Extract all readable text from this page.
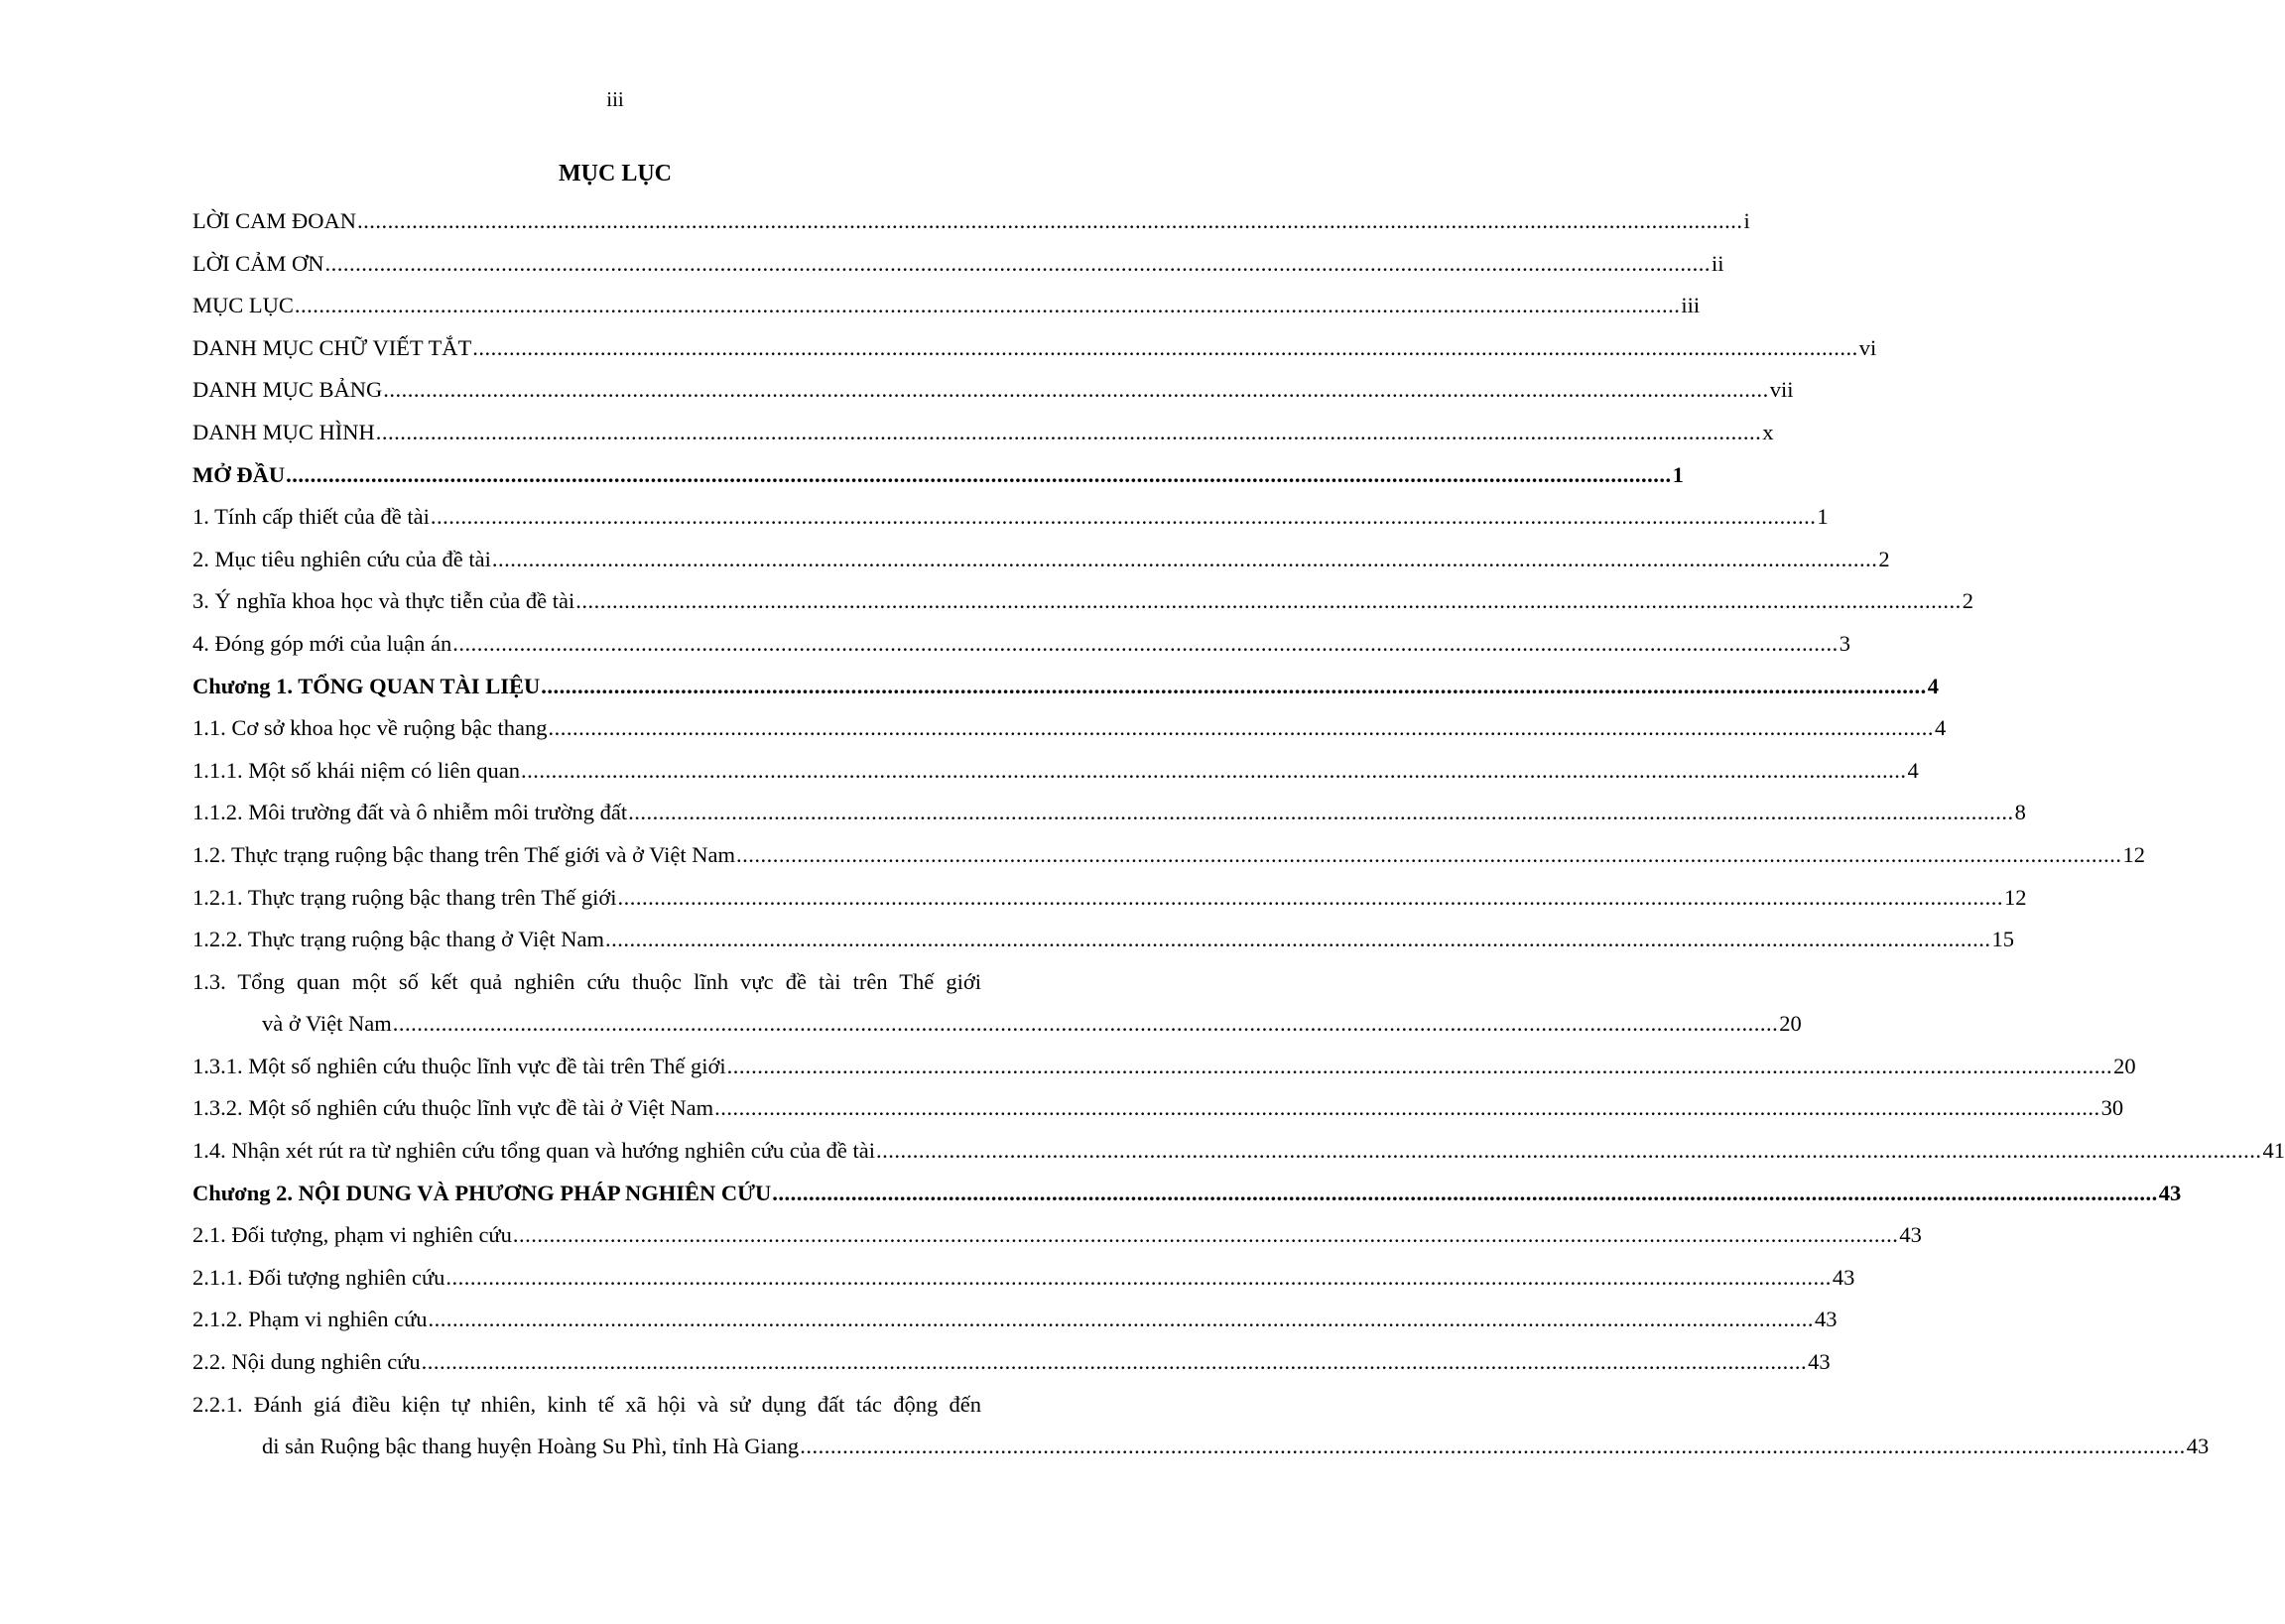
iii
MỤC LỤC
LỜI CAM ĐOAN .................................................................................................................................................................................................................................... i
LỜI CẢM ƠN .................................................................................................................................................................................................................................... ii
MỤC LỤC .................................................................................................................................................................................................................................... iii
DANH MỤC CHỮ VIẾT TẮT .................................................................................................................................................................................................................................... vi
DANH MỤC BẢNG .................................................................................................................................................................................................................................... vii
DANH MỤC HÌNH .................................................................................................................................................................................................................................... x
MỞ ĐẦU .................................................................................................................................................................................................................................... 1
1. Tính cấp thiết của đề tài .................................................................................................................................................................................................................................... 1
2. Mục tiêu nghiên cứu của đề tài .................................................................................................................................................................................................................................... 2
3. Ý nghĩa khoa học và thực tiễn của đề tài .................................................................................................................................................................................................................................... 2
4. Đóng góp mới của luận án .................................................................................................................................................................................................................................... 3
Chương 1. TỔNG QUAN TÀI LIỆU .................................................................................................................................................................................................................................... 4
1.1. Cơ sở khoa học về ruộng bậc thang .................................................................................................................................................................................................................................... 4
1.1.1. Một số khái niệm có liên quan .................................................................................................................................................................................................................................... 4
1.1.2. Môi trường đất và ô nhiễm môi trường đất .................................................................................................................................................................................................................................... 8
1.2. Thực trạng ruộng bậc thang trên Thế giới và ở Việt Nam .................................................................................................................................................................................................................................... 12
1.2.1. Thực trạng ruộng bậc thang trên Thế giới .................................................................................................................................................................................................................................... 12
1.2.2. Thực trạng ruộng bậc thang ở Việt Nam .................................................................................................................................................................................................................................... 15
1.3. Tổng quan một số kết quả nghiên cứu thuộc lĩnh vực đề tài trên Thế giới
và ở Việt Nam .................................................................................................................................................................................................................................... 20
1.3.1. Một số nghiên cứu thuộc lĩnh vực đề tài trên Thế giới .................................................................................................................................................................................................................................... 20
1.3.2. Một số nghiên cứu thuộc lĩnh vực đề tài ở Việt Nam .................................................................................................................................................................................................................................... 30
1.4. Nhận xét rút ra từ nghiên cứu tổng quan và hướng nghiên cứu của đề tài .................................................................................................................................................................................................................................... 41
Chương 2. NỘI DUNG VÀ PHƯƠNG PHÁP NGHIÊN CỨU .................................................................................................................................................................................................................................... 43
2.1. Đối tượng, phạm vi nghiên cứu .................................................................................................................................................................................................................................... 43
2.1.1. Đối tượng nghiên cứu .................................................................................................................................................................................................................................... 43
2.1.2. Phạm vi nghiên cứu .................................................................................................................................................................................................................................... 43
2.2. Nội dung nghiên cứu .................................................................................................................................................................................................................................... 43
2.2.1. Đánh giá điều kiện tự nhiên, kinh tế xã hội và sử dụng đất tác động đến
di sản Ruộng bậc thang huyện Hoàng Su Phì, tỉnh Hà Giang .................................................................................................................................................................................................................................... 43
